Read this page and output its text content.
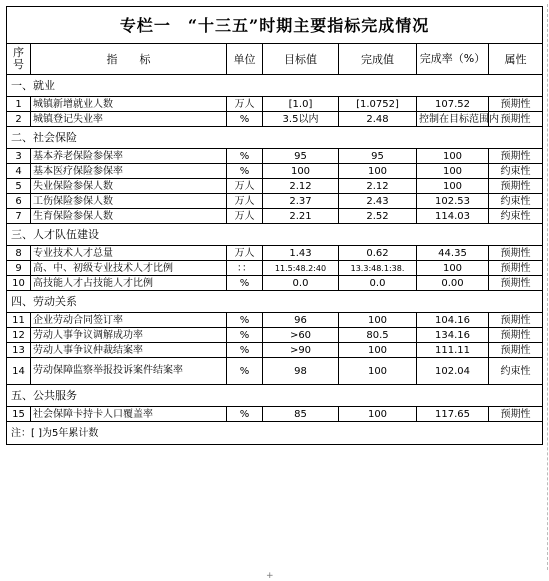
专栏一　“十三五”时期主要指标完成情况						
序号	指　　标	单位	目标值	完成值	完成率（%）	属性
一、就业						
1	城镇新增就业人数	万人	[1.0]	[1.0752]	107.52	预期性
2	城镇登记失业率	%	3.5以内	2.48	控制在目标范围内	预期性
二、社会保险						
3	基本养老保险参保率	%	95	95	100	预期性
4	基本医疗保险参保率	%	100	100	100	约束性
5	失业保险参保人数	万人	2.12	2.12	100	预期性
6	工伤保险参保人数	万人	2.37	2.43	102.53	约束性
7	生育保险参保人数	万人	2.21	2.52	114.03	约束性
三、人才队伍建设						
8	专业技术人才总量	万人	1.43	0.62	44.35	预期性
9	高、中、初级专业技术人才比例	：：	11.5:48.2:40	13.3:48.1:38.	100	预期性
10	高技能人才占技能人才比例	%	0.0	0.0	0.00	预期性
四、劳动关系						
11	企业劳动合同签订率	%	96	100	104.16	预期性
12	劳动人事争议调解成功率	%	>60	80.5	134.16	预期性
13	劳动人事争议仲裁结案率	%	>90	100	111.11	预期性
14	劳动保障监察举报投诉案件结案率	%	98	100	102.04	约束性
五、公共服务						
15	社会保障卡持卡人口覆盖率	%	85	100	117.65	预期性
注：[ ]为5年累计数						
+
